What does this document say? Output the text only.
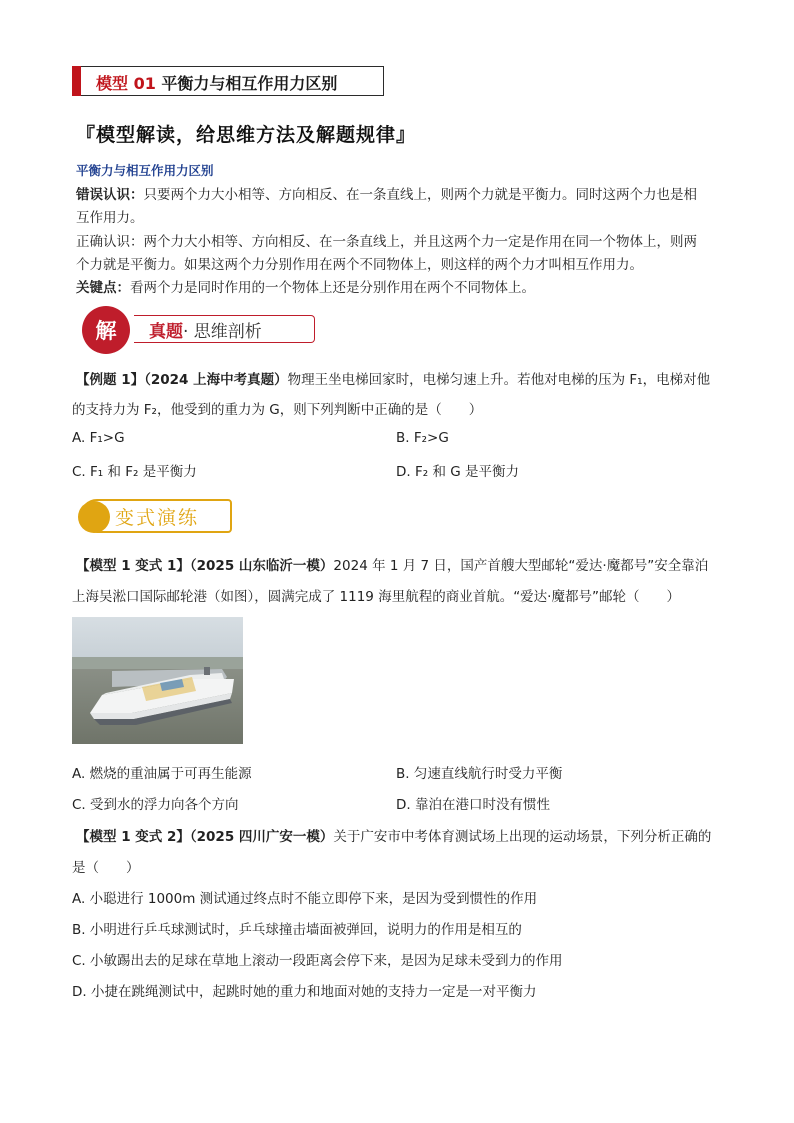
模型 01 平衡力与相互作用力区别
『模型解读，给思维方法及解题规律』
平衡力与相互作用力区别
错误认识：只要两个力大小相等、方向相反、在一条直线上，则两个力就是平衡力。同时这两个力也是相
互作用力。
正确认识：两个力大小相等、方向相反、在一条直线上，并且这两个力一定是作用在同一个物体上，则两
个力就是平衡力。如果这两个力分别作用在两个不同物体上，则这样的两个力才叫相互作用力。
关键点：看两个力是同时作用的一个物体上还是分别作用在两个不同物体上。
解	真题· 思维剖析
【例题 1】（2024 上海中考真题）物理王坐电梯回家时，电梯匀速上升。若他对电梯的压为 F₁，电梯对他
的支持力为 F₂，他受到的重力为 G，则下列判断中正确的是（　　）
A. F₁>G	B. F₂>G
C. F₁ 和 F₂ 是平衡力	D. F₂ 和 G 是平衡力
变式演练
【模型 1 变式 1】（2025 山东临沂一模）2024 年 1 月 7 日，国产首艘大型邮轮“爱达·魔都号”安全靠泊
上海吴淞口国际邮轮港（如图），圆满完成了 1119 海里航程的商业首航。“爱达·魔都号”邮轮（　　）
A. 燃烧的重油属于可再生能源	B. 匀速直线航行时受力平衡
C. 受到水的浮力向各个方向	D. 靠泊在港口时没有惯性
【模型 1 变式 2】（2025 四川广安一模）关于广安市中考体育测试场上出现的运动场景，下列分析正确的
是（　　）
A. 小聪进行 1000m 测试通过终点时不能立即停下来，是因为受到惯性的作用
B. 小明进行乒乓球测试时，乒乓球撞击墙面被弹回，说明力的作用是相互的
C. 小敏踢出去的足球在草地上滚动一段距离会停下来，是因为足球未受到力的作用
D. 小捷在跳绳测试中，起跳时她的重力和地面对她的支持力一定是一对平衡力
